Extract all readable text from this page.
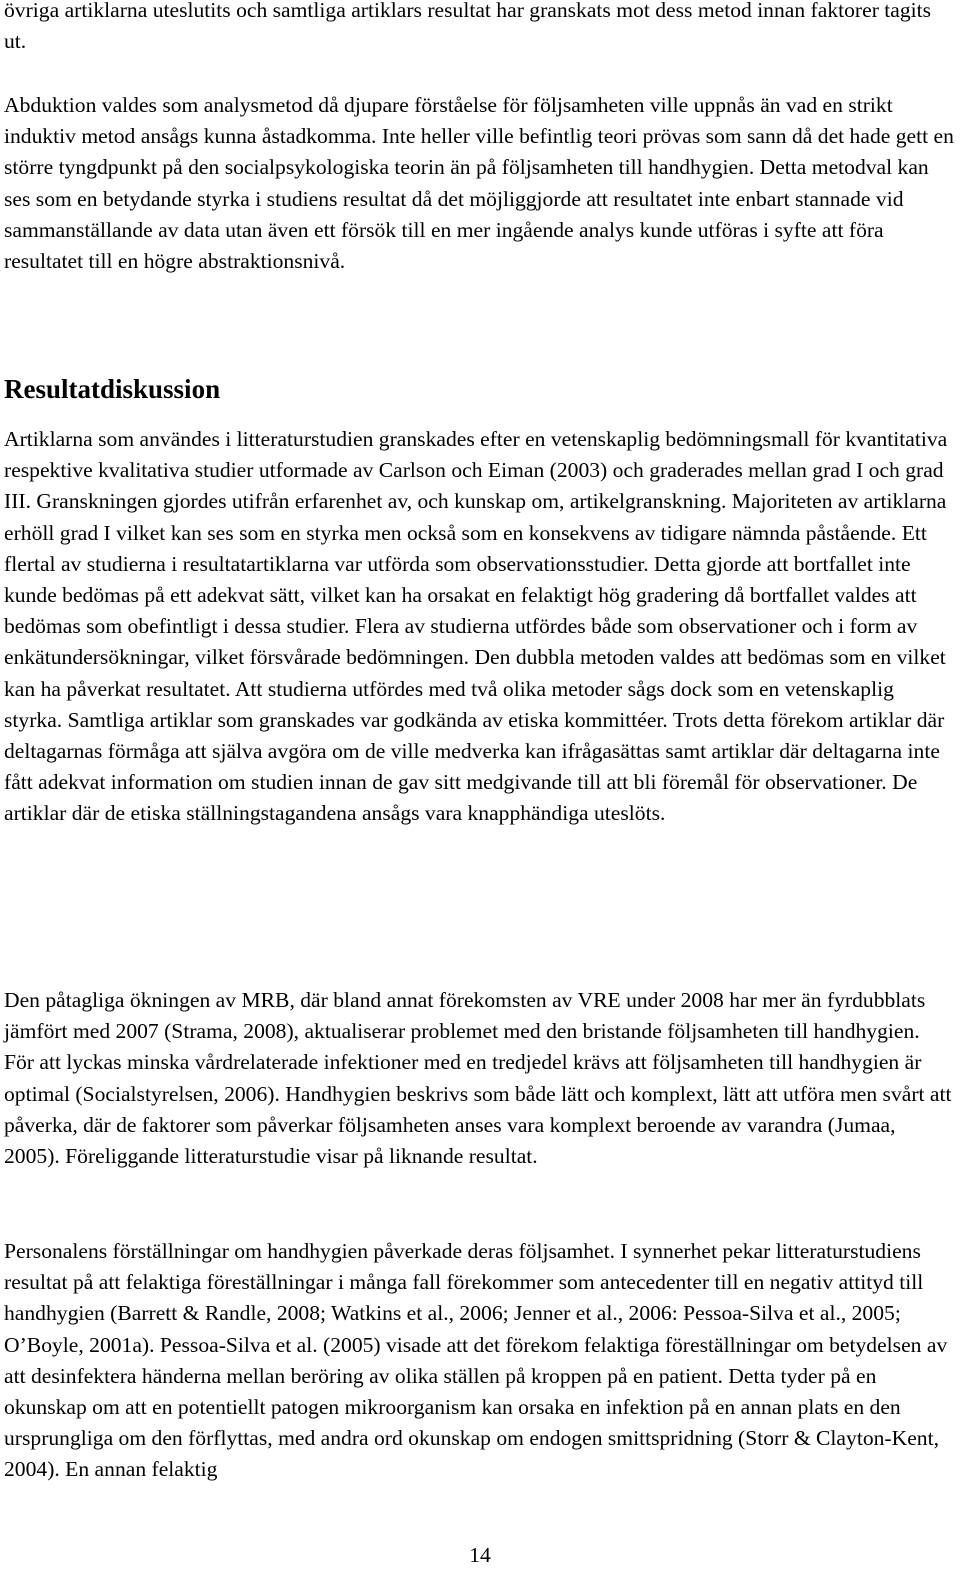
övriga artiklarna uteslutits och samtliga artiklars resultat har granskats mot dess metod innan faktorer tagits ut.

Abduktion valdes som analysmetod då djupare förståelse för följsamheten ville uppnås än vad en strikt induktiv metod ansågs kunna åstadkomma. Inte heller ville befintlig teori prövas som sann då det hade gett en större tyngdpunkt på den socialpsykologiska teorin än på följsamheten till handhygien. Detta metodval kan ses som en betydande styrka i studiens resultat då det möjliggjorde att resultatet inte enbart stannade vid sammanställande av data utan även ett försök till en mer ingående analys kunde utföras i syfte att föra resultatet till en högre abstraktionsnivå.

Resultatdiskussion

Artiklarna som användes i litteraturstudien granskades efter en vetenskaplig bedömningsmall för kvantitativa respektive kvalitativa studier utformade av Carlson och Eiman (2003) och graderades mellan grad I och grad III. Granskningen gjordes utifrån erfarenhet av, och kunskap om, artikelgranskning. Majoriteten av artiklarna erhöll grad I vilket kan ses som en styrka men också som en konsekvens av tidigare nämnda påstående. Ett flertal av studierna i resultatartiklarna var utförda som observationsstudier. Detta gjorde att bortfallet inte kunde bedömas på ett adekvat sätt, vilket kan ha orsakat en felaktigt hög gradering då bortfallet valdes att bedömas som obefintligt i dessa studier. Flera av studierna utfördes både som observationer och i form av enkätundersökningar, vilket försvårade bedömningen. Den dubbla metoden valdes att bedömas som en vilket kan ha påverkat resultatet. Att studierna utfördes med två olika metoder sågs dock som en vetenskaplig styrka. Samtliga artiklar som granskades var godkända av etiska kommittéer. Trots detta förekom artiklar där deltagarnas förmåga att själva avgöra om de ville medverka kan ifrågasättas samt artiklar där deltagarna inte fått adekvat information om studien innan de gav sitt medgivande till att bli föremål för observationer. De artiklar där de etiska ställningstagandena ansågs vara knapphändiga uteslöts.

Den påtagliga ökningen av MRB, där bland annat förekomsten av VRE under 2008 har mer än fyrdubblats jämfört med 2007 (Strama, 2008), aktualiserar problemet med den bristande följsamheten till handhygien. För att lyckas minska vårdrelaterade infektioner med en tredjedel krävs att följsamheten till handhygien är optimal (Socialstyrelsen, 2006). Handhygien beskrivs som både lätt och komplext, lätt att utföra men svårt att påverka, där de faktorer som påverkar följsamheten anses vara komplext beroende av varandra (Jumaa, 2005). Föreliggande litteraturstudie visar på liknande resultat.

Personalens förställningar om handhygien påverkade deras följsamhet. I synnerhet pekar litteraturstudiens resultat på att felaktiga föreställningar i många fall förekommer som antecedenter till en negativ attityd till handhygien (Barrett & Randle, 2008; Watkins et al., 2006; Jenner et al., 2006: Pessoa-Silva et al., 2005; O’Boyle, 2001a). Pessoa-Silva et al. (2005) visade att det förekom felaktiga föreställningar om betydelsen av att desinfektera händerna mellan beröring av olika ställen på kroppen på en patient. Detta tyder på en okunskap om att en potentiellt patogen mikroorganism kan orsaka en infektion på en annan plats en den ursprungliga om den förflyttas, med andra ord okunskap om endogen smittspridning (Storr & Clayton-Kent, 2004). En annan felaktig

14
